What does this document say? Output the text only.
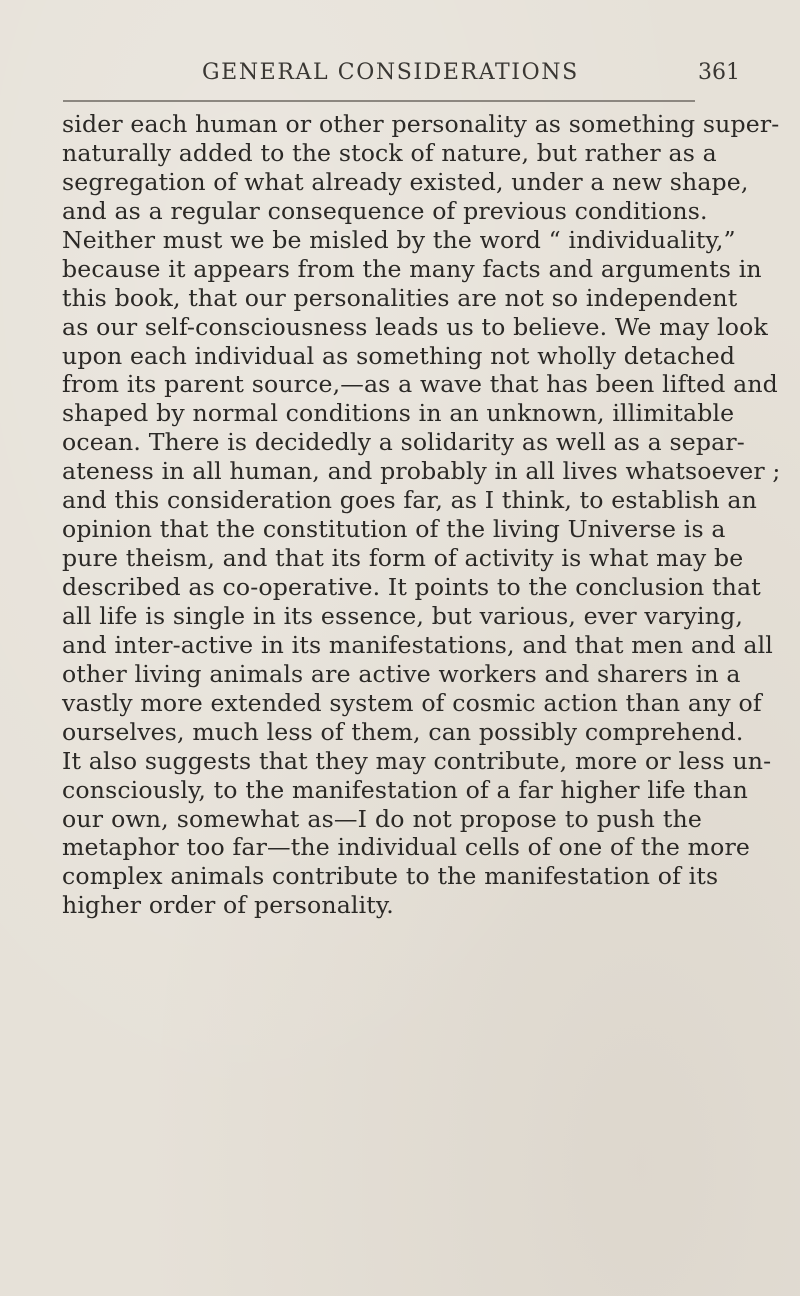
GENERAL CONSIDERATIONS	361
sider each human or other personality as something super-
naturally added to the stock of nature, but rather as a
segregation of what already existed, under a new shape,
and as a regular consequence of previous conditions.
Neither must we be misled by the word “ individuality,”
because it appears from the many facts and arguments in
this book, that our personalities are not so independent
as our self-consciousness leads us to believe. We may look
upon each individual as something not wholly detached
from its parent source,—as a wave that has been lifted and
shaped by normal conditions in an unknown, illimitable
ocean. There is decidedly a solidarity as well as a separ-
ateness in all human, and probably in all lives whatsoever ;
and this consideration goes far, as I think, to establish an
opinion that the constitution of the living Universe is a
pure theism, and that its form of activity is what may be
described as co-operative. It points to the conclusion that
all life is single in its essence, but various, ever varying,
and inter-active in its manifestations, and that men and all
other living animals are active workers and sharers in a
vastly more extended system of cosmic action than any of
ourselves, much less of them, can possibly comprehend.
It also suggests that they may contribute, more or less un-
consciously, to the manifestation of a far higher life than
our own, somewhat as—I do not propose to push the
metaphor too far—the individual cells of one of the more
complex animals contribute to the manifestation of its
higher order of personality.
